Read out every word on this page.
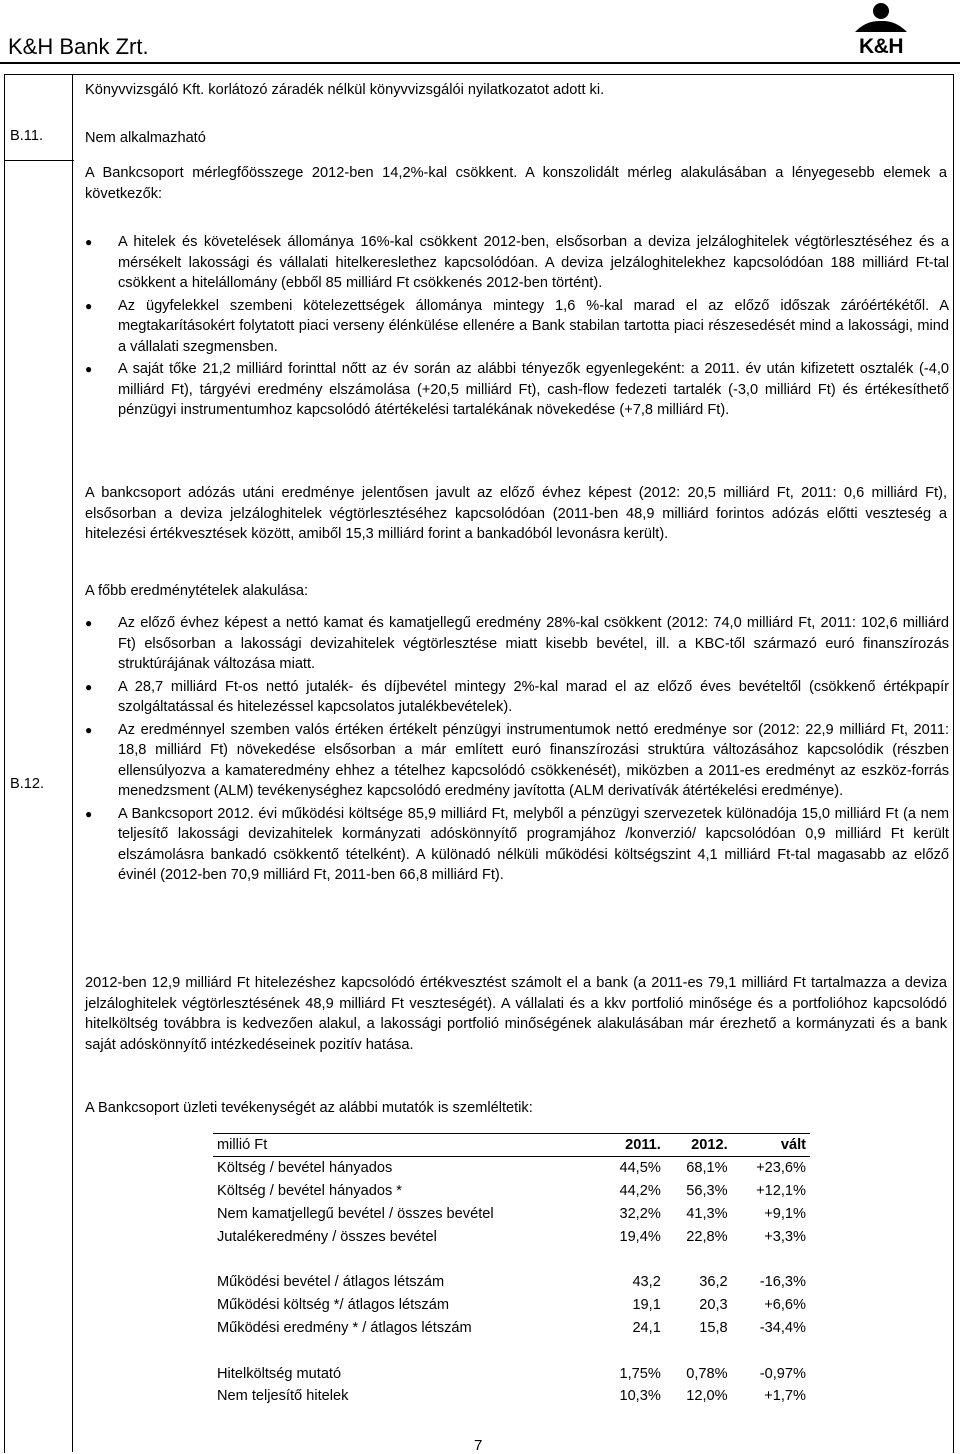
K&H Bank Zrt.	K&H
B.11.
Könyvvizsgáló Kft. korlátozó záradék nélkül könyvvizsgálói nyilatkozatot adott ki.
Nem alkalmazható
B.12.
A Bankcsoport mérlegfőösszege 2012-ben 14,2%-kal csökkent. A konszolidált mérleg alakulásában a lényegesebb elemek a következők:
● A hitelek és követelések állománya 16%-kal csökkent 2012-ben, elsősorban a deviza jelzáloghitelek végtörlesztéséhez és a mérsékelt lakossági és vállalati hitelkereslethez kapcsolódóan. A deviza jelzáloghitelekhez kapcsolódóan 188 milliárd Ft-tal csökkent a hitelállomány (ebből 85 milliárd Ft csökkenés 2012-ben történt).
● Az ügyfelekkel szembeni kötelezettségek állománya mintegy 1,6 %-kal marad el az előző időszak záróértékétől. A megtakarításokért folytatott piaci verseny élénkülése ellenére a Bank stabilan tartotta piaci részesedését mind a lakossági, mind a vállalati szegmensben.
● A saját tőke 21,2 milliárd forinttal nőtt az év során az alábbi tényezők egyenlegeként: a 2011. év után kifizetett osztalék (-4,0 milliárd Ft), tárgyévi eredmény elszámolása (+20,5 milliárd Ft), cash-flow fedezeti tartalék (-3,0 milliárd Ft) és értékesíthető pénzügyi instrumentumhoz kapcsolódó átértékelési tartalékának növekedése (+7,8 milliárd Ft).
A bankcsoport adózás utáni eredménye jelentősen javult az előző évhez képest (2012: 20,5 milliárd Ft, 2011: 0,6 milliárd Ft), elsősorban a deviza jelzáloghitelek végtörlesztéséhez kapcsolódóan (2011-ben 48,9 milliárd forintos adózás előtti veszteség a hitelezési értékvesztések között, amiből 15,3 milliárd forint a bankadóból levonásra került).
A főbb eredménytételek alakulása:
● Az előző évhez képest a nettó kamat és kamatjellegű eredmény 28%-kal csökkent (2012: 74,0 milliárd Ft, 2011: 102,6 milliárd Ft) elsősorban a lakossági devizahitelek végtörlesztése miatt kisebb bevétel, ill. a KBC-től származó euró finanszírozás struktúrájának változása miatt.
● A 28,7 milliárd Ft-os nettó jutalék- és díjbevétel mintegy 2%-kal marad el az előző éves bevételtől (csökkenő értékpapír szolgáltatással és hitelezéssel kapcsolatos jutalékbevételek).
● Az eredménnyel szemben valós értéken értékelt pénzügyi instrumentumok nettó eredménye sor (2012: 22,9 milliárd Ft, 2011: 18,8 milliárd Ft) növekedése elsősorban a már említett euró finanszírozási struktúra változásához kapcsolódik (részben ellensúlyozva a kamateredmény ehhez a tételhez kapcsolódó csökkenését), miközben a 2011-es eredményt az eszköz-forrás menedzsment (ALM) tevékenységhez kapcsolódó eredmény javította (ALM derivatívák átértékelési eredménye).
● A Bankcsoport 2012. évi működési költsége 85,9 milliárd Ft, melyből a pénzügyi szervezetek különadója 15,0 milliárd Ft (a nem teljesítő lakossági devizahitelek kormányzati adóskönnyítő programjához /konverzió/ kapcsolódóan 0,9 milliárd Ft került elszámolásra bankadó csökkentő tételként). A különadó nélküli működési költségszint 4,1 milliárd Ft-tal magasabb az előző évinél (2012-ben 70,9 milliárd Ft, 2011-ben 66,8 milliárd Ft).
2012-ben 12,9 milliárd Ft hitelezéshez kapcsolódó értékvesztést számolt el a bank (a 2011-es 79,1 milliárd Ft tartalmazza a deviza jelzáloghitelek végtörlesztésének 48,9 milliárd Ft veszteségét). A vállalati és a kkv portfolió minősége és a portfolióhoz kapcsolódó hitelköltség továbbra is kedvezően alakul, a lakossági portfolió minőségének alakulásában már érezhető a kormányzati és a bank saját adóskönnyítő intézkedéseinek pozitív hatása.
A Bankcsoport üzleti tevékenységét az alábbi mutatók is szemléltetik:
millió Ft	2011.	2012.	vált
Költség / bevétel hányados	44,5%	68,1%	+23,6%
Költség / bevétel hányados *	44,2%	56,3%	+12,1%
Nem kamatjellegű bevétel / összes bevétel	32,2%	41,3%	+9,1%
Jutalékeredmény / összes bevétel	19,4%	22,8%	+3,3%

Működési bevétel / átlagos létszám	43,2	36,2	-16,3%
Működési költség */ átlagos létszám	19,1	20,3	+6,6%
Működési eredmény * / átlagos létszám	24,1	15,8	-34,4%

Hitelköltség mutató	1,75%	0,78%	-0,97%
Nem teljesítő hitelek	10,3%	12,0%	+1,7%
7
